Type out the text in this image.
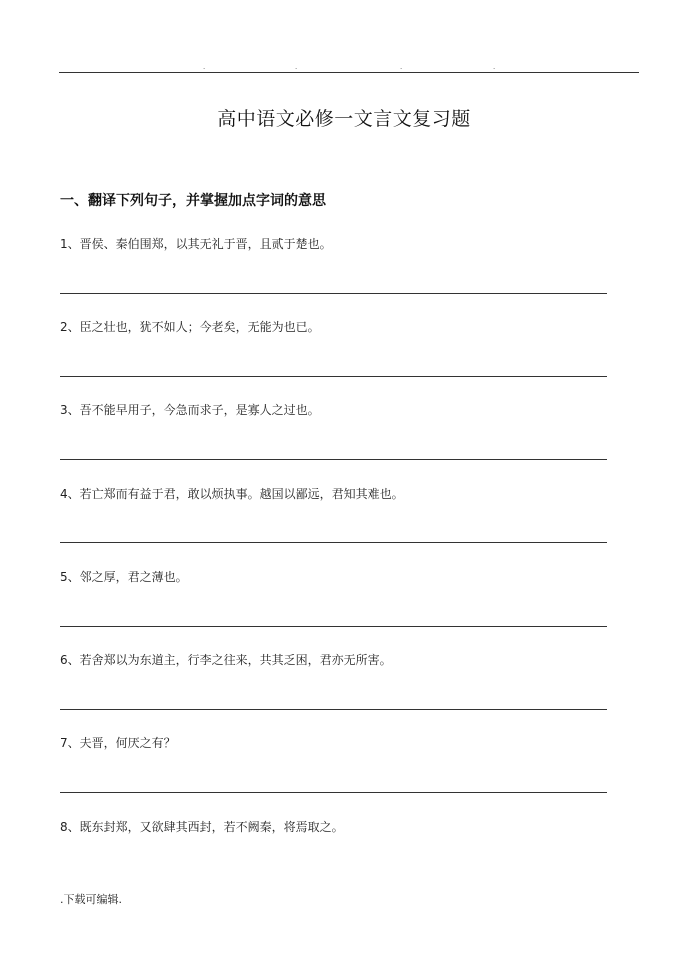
.	.	.	.
高中语文必修一文言文复习题
一、翻译下列句子，并掌握加点字词的意思
1、晋侯、秦伯围郑，以其无礼于晋，且贰于楚也。
2、臣之壮也，犹不如人；今老矣，无能为也已。
3、吾不能早用子，今急而求子，是寡人之过也。
4、若亡郑而有益于君，敢以烦执事。越国以鄙远，君知其难也。
5、邻之厚，君之薄也。
6、若舍郑以为东道主，行李之往来，共其乏困，君亦无所害。
7、夫晋，何厌之有？
8、既东封郑，又欲肆其西封，若不阙秦，将焉取之。
.下载可编辑.
